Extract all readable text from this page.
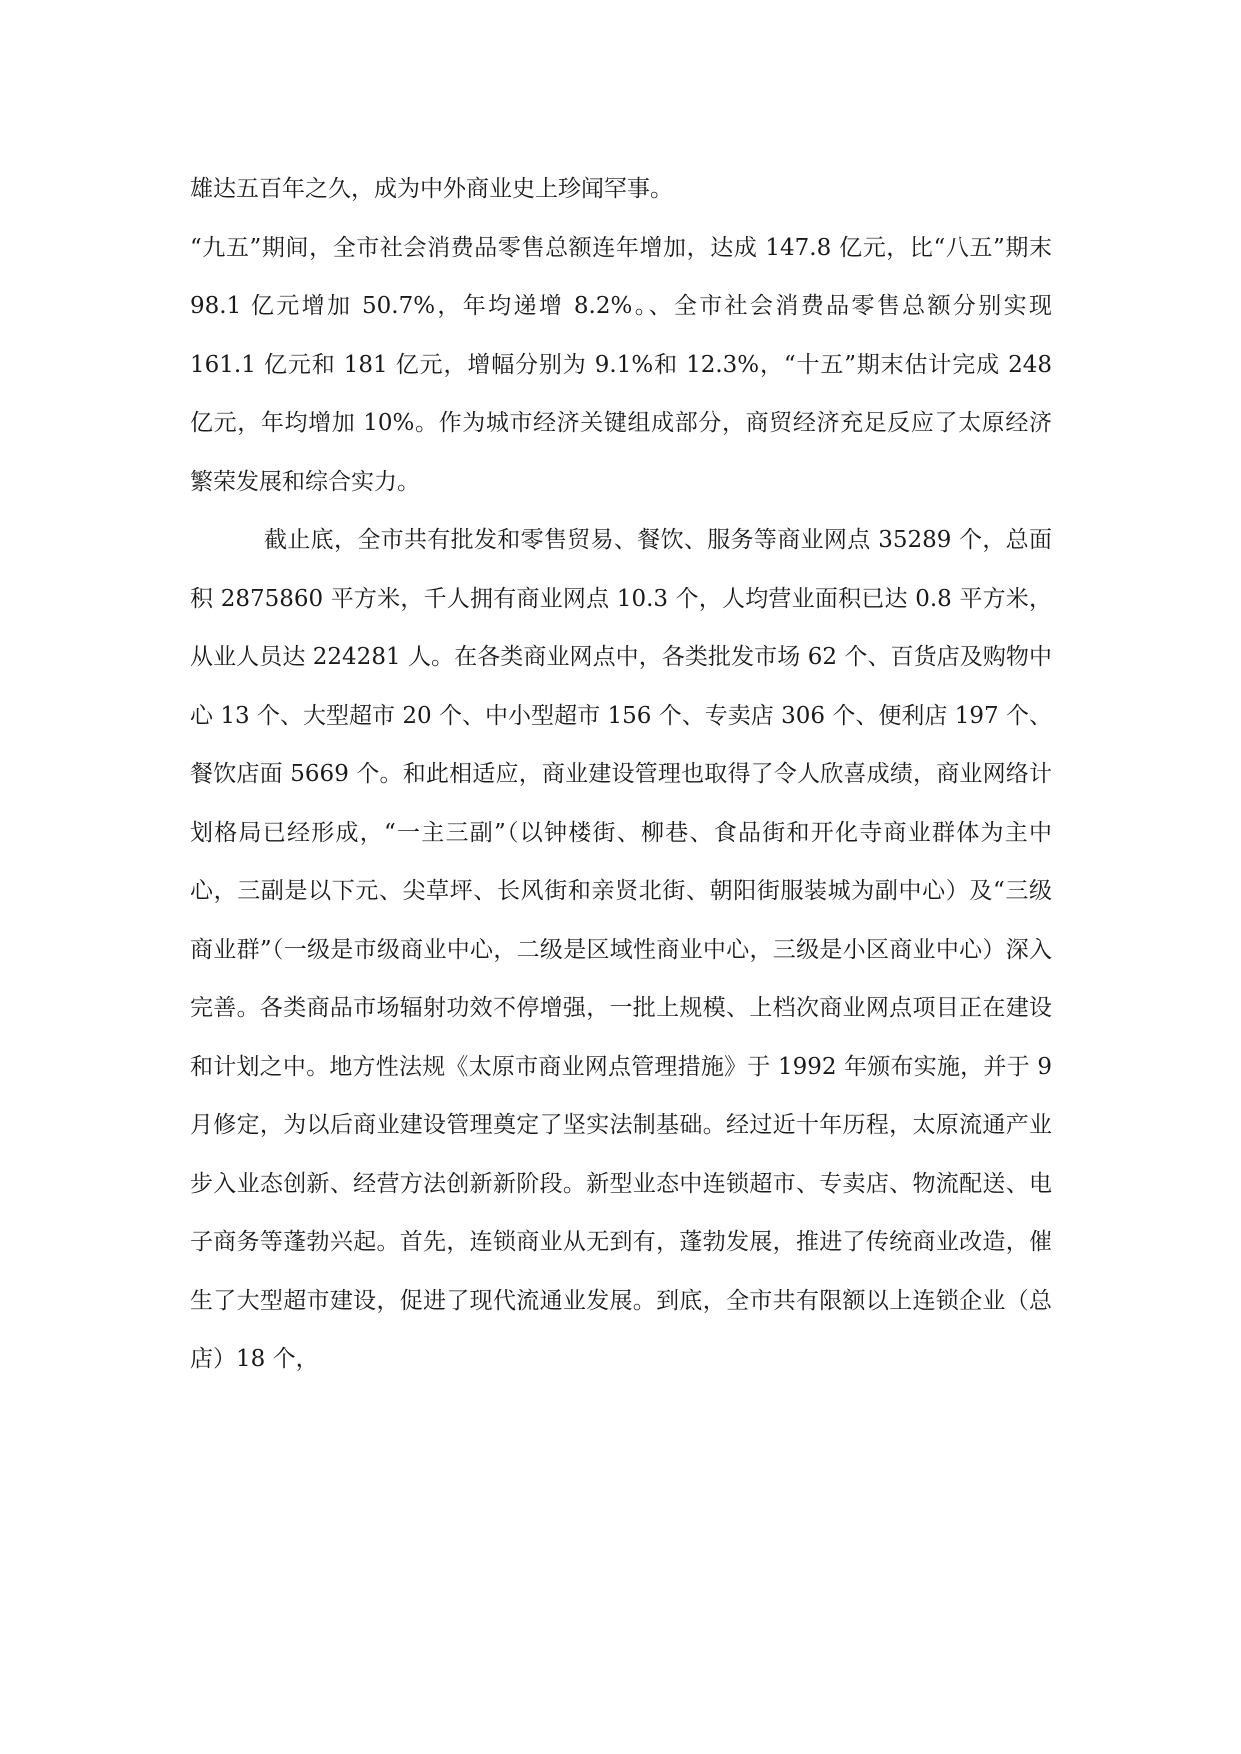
雄达五百年之久，成为中外商业史上珍闻罕事。

“九五”期间，全市社会消费品零售总额连年增加，达成 147.8 亿元，比“八五”期末 98.1 亿元增加 50.7%，年均递增 8.2%。、全市社会消费品零售总额分别实现 161.1 亿元和 181 亿元，增幅分别为 9.1%和 12.3%，“十五”期末估计完成 248 亿元，年均增加 10%。作为城市经济关键组成部分，商贸经济充足反应了太原经济繁荣发展和综合实力。

截止底，全市共有批发和零售贸易、餐饮、服务等商业网点 35289 个，总面积 2875860 平方米，千人拥有商业网点 10.3 个，人均营业面积已达 0.8 平方米，从业人员达 224281 人。在各类商业网点中，各类批发市场 62 个、百货店及购物中心 13 个、大型超市 20 个、中小型超市 156 个、专卖店 306 个、便利店 197 个、餐饮店面 5669 个。和此相适应，商业建设管理也取得了令人欣喜成绩，商业网络计划格局已经形成，“一主三副”（以钟楼街、柳巷、食品街和开化寺商业群体为主中心，三副是以下元、尖草坪、长风街和亲贤北街、朝阳街服装城为副中心）及“三级商业群”（一级是市级商业中心，二级是区域性商业中心，三级是小区商业中心）深入完善。各类商品市场辐射功效不停增强，一批上规模、上档次商业网点项目正在建设和计划之中。地方性法规《太原市商业网点管理措施》于 1992 年颁布实施，并于 9 月修定，为以后商业建设管理奠定了坚实法制基础。经过近十年历程，太原流通产业步入业态创新、经营方法创新新阶段。新型业态中连锁超市、专卖店、物流配送、电子商务等蓬勃兴起。首先，连锁商业从无到有，蓬勃发展，推进了传统商业改造，催生了大型超市建设，促进了现代流通业发展。到底，全市共有限额以上连锁企业（总店）18 个，
